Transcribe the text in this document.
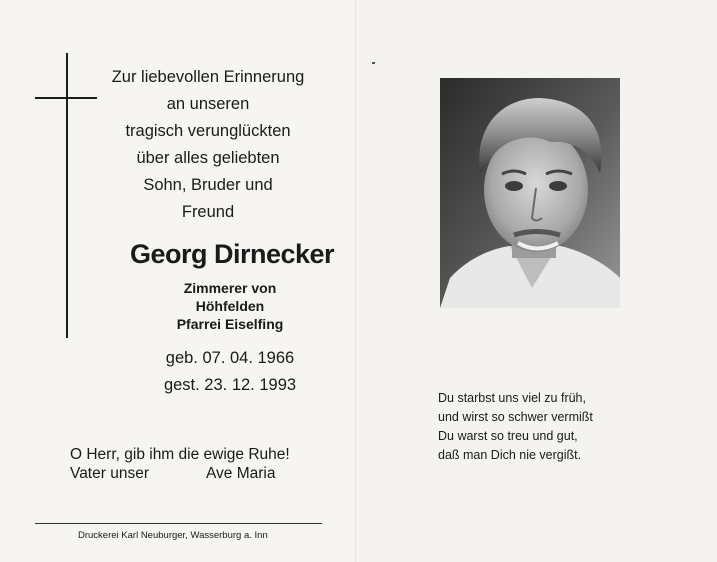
Zur liebevollen Erinnerung
an unseren
tragisch verunglückten
über alles geliebten
Sohn, Bruder und
Freund
Georg Dirnecker
Zimmerer von
Höhfelden
Pfarrei Eiselfing
geb. 07. 04. 1966
gest. 23. 12. 1993
O Herr, gib ihm die ewige Ruhe!
Vater unser	Ave Maria
Druckerei Karl Neuburger, Wasserburg a. Inn
Du starbst uns viel zu früh,
und wirst so schwer vermißt
Du warst so treu und gut,
daß man Dich nie vergißt.
